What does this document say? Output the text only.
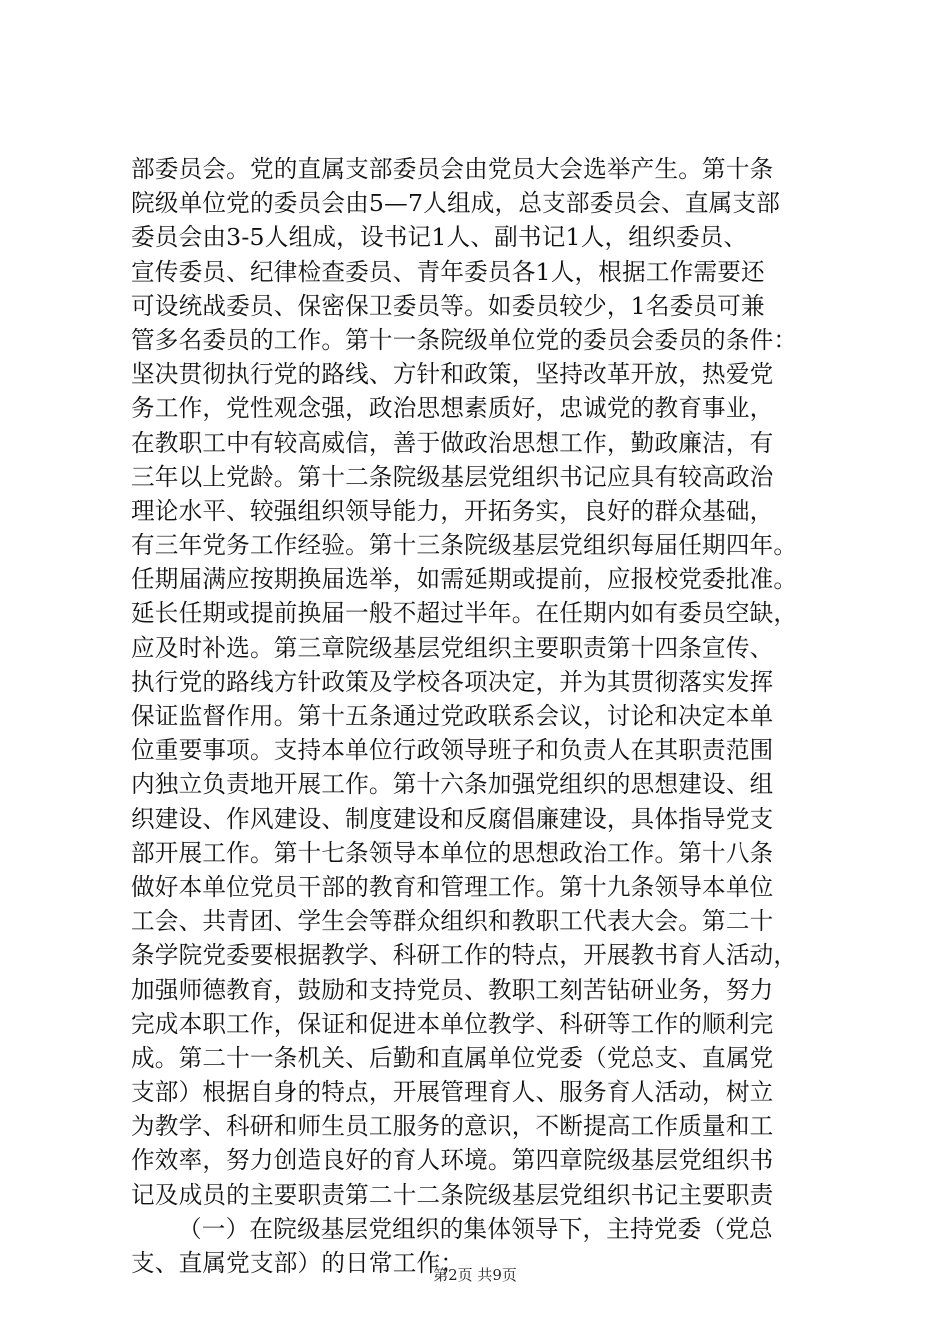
部委员会。党的直属支部委员会由党员大会选举产生。第十条
院级单位党的委员会由5—7人组成，总支部委员会、直属支部
委员会由3-5人组成，设书记1人、副书记1人，组织委员、
宣传委员、纪律检查委员、青年委员各1人，根据工作需要还
可设统战委员、保密保卫委员等。如委员较少，1名委员可兼
管多名委员的工作。第十一条院级单位党的委员会委员的条件：
坚决贯彻执行党的路线、方针和政策，坚持改革开放，热爱党
务工作，党性观念强，政治思想素质好，忠诚党的教育事业，
在教职工中有较高威信，善于做政治思想工作，勤政廉洁，有
三年以上党龄。第十二条院级基层党组织书记应具有较高政治
理论水平、较强组织领导能力，开拓务实，良好的群众基础，
有三年党务工作经验。第十三条院级基层党组织每届任期四年。
任期届满应按期换届选举，如需延期或提前，应报校党委批准。
延长任期或提前换届一般不超过半年。在任期内如有委员空缺，
应及时补选。第三章院级基层党组织主要职责第十四条宣传、
执行党的路线方针政策及学校各项决定，并为其贯彻落实发挥
保证监督作用。第十五条通过党政联系会议，讨论和决定本单
位重要事项。支持本单位行政领导班子和负责人在其职责范围
内独立负责地开展工作。第十六条加强党组织的思想建设、组
织建设、作风建设、制度建设和反腐倡廉建设，具体指导党支
部开展工作。第十七条领导本单位的思想政治工作。第十八条
做好本单位党员干部的教育和管理工作。第十九条领导本单位
工会、共青团、学生会等群众组织和教职工代表大会。第二十
条学院党委要根据教学、科研工作的特点，开展教书育人活动，
加强师德教育，鼓励和支持党员、教职工刻苦钻研业务，努力
完成本职工作，保证和促进本单位教学、科研等工作的顺利完
成。第二十一条机关、后勤和直属单位党委（党总支、直属党
支部）根据自身的特点，开展管理育人、服务育人活动，树立
为教学、科研和师生员工服务的意识，不断提高工作质量和工
作效率，努力创造良好的育人环境。第四章院级基层党组织书
记及成员的主要职责第二十二条院级基层党组织书记主要职责
（一）在院级基层党组织的集体领导下，主持党委（党总
支、直属党支部）的日常工作；
第2页 共9页
